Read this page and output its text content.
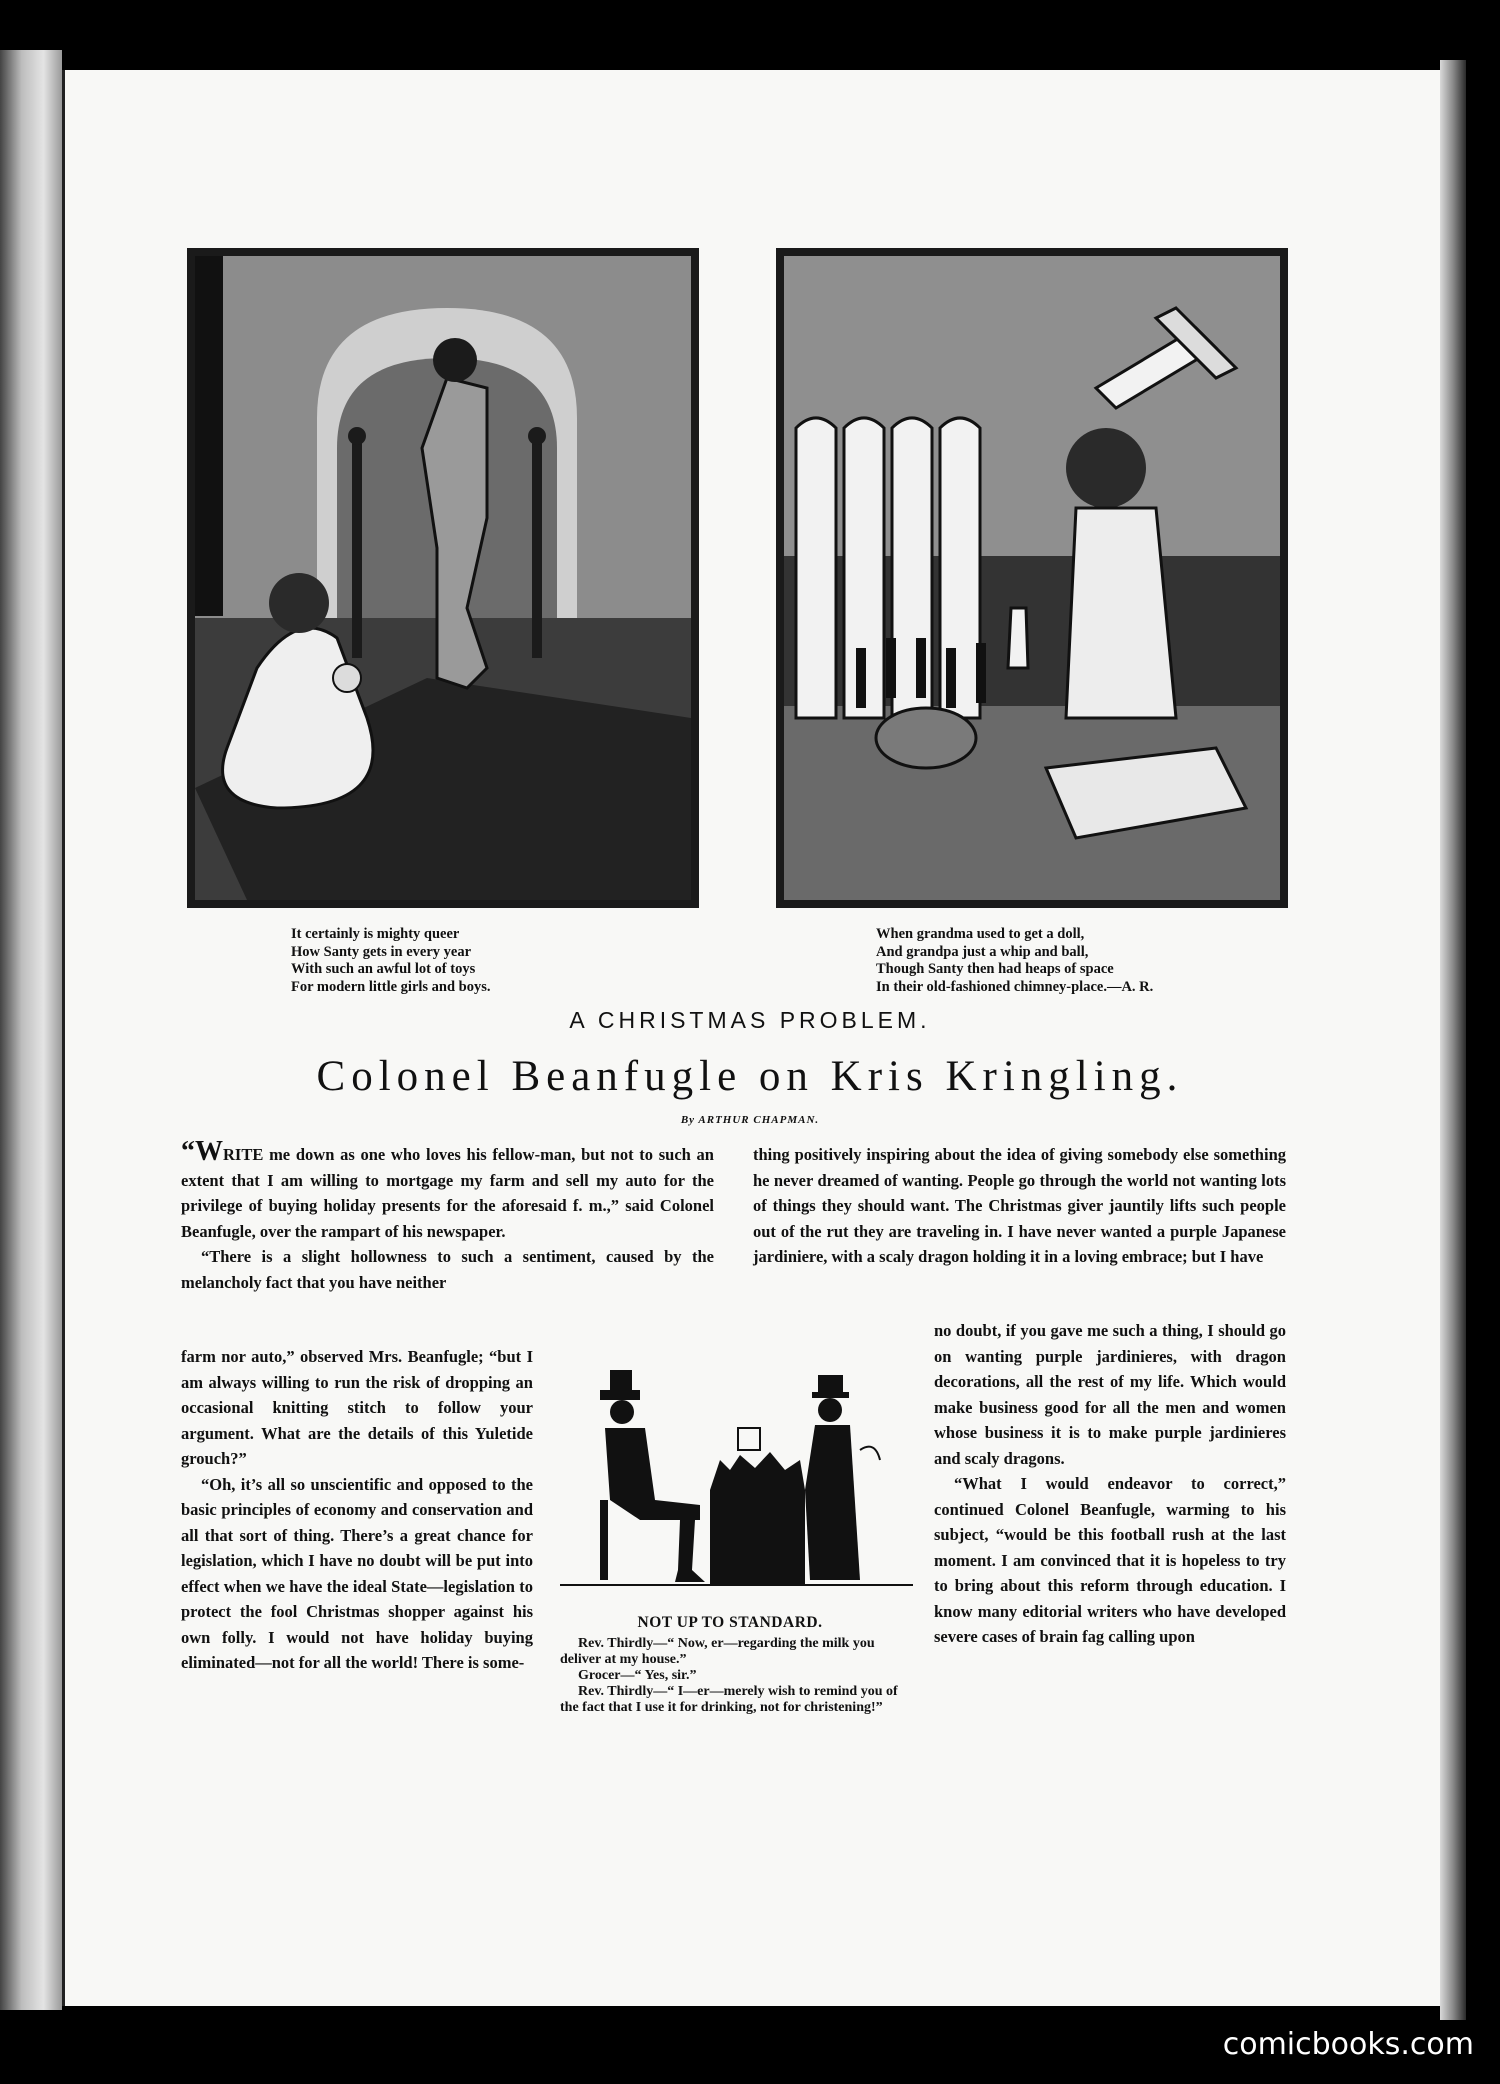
It certainly is mighty queer
How Santy gets in every year
With such an awful lot of toys
For modern little girls and boys.
When grandma used to get a doll,
And grandpa just a whip and ball,
Though Santy then had heaps of space
In their old-fashioned chimney-place.—A. R.
A CHRISTMAS PROBLEM.
Colonel Beanfugle on Kris Kringling.
By ARTHUR CHAPMAN.

“WRITE me down as one who loves his fellow-man, but not to such an extent that I am willing to mortgage my farm and sell my auto for the privilege of buying holiday presents for the aforesaid f. m.,” said Colonel Beanfugle, over the rampart of his newspaper.

“There is a slight hollowness to such a sentiment, caused by the melancholy fact that you have neither

farm nor auto,” observed Mrs. Beanfugle; “but I am always willing to run the risk of dropping an occasional knitting stitch to follow your argument. What are the details of this Yuletide grouch?”

“Oh, it’s all so unscientific and opposed to the basic principles of economy and conservation and all that sort of thing. There’s a great chance for legislation, which I have no doubt will be put into effect when we have the ideal State—legislation to protect the fool Christmas shopper against his own folly. I would not have holiday buying eliminated—not for all the world! There is some-

thing positively inspiring about the idea of giving somebody else something he never dreamed of wanting. People go through the world not wanting lots of things they should want. The Christmas giver jauntily lifts such people out of the rut they are traveling in. I have never wanted a purple Japanese jardiniere, with a scaly dragon holding it in a loving embrace; but I have

no doubt, if you gave me such a thing, I should go on wanting purple jardinieres, with dragon decorations, all the rest of my life. Which would make business good for all the men and women whose business it is to make purple jardinieres and scaly dragons.

“What I would endeavor to correct,” continued Colonel Beanfugle, warming to his subject, “would be this football rush at the last moment. I am convinced that it is hopeless to try to bring about this reform through education. I know many editorial writers who have developed severe cases of brain fag calling upon

NOT UP TO STANDARD.
Rev. Thirdly—“ Now, er—regarding the milk you deliver at my house.”
Grocer—“ Yes, sir.”
Rev. Thirdly—“ I—er—merely wish to remind you of the fact that I use it for drinking, not for christening!”
comicbooks.com
